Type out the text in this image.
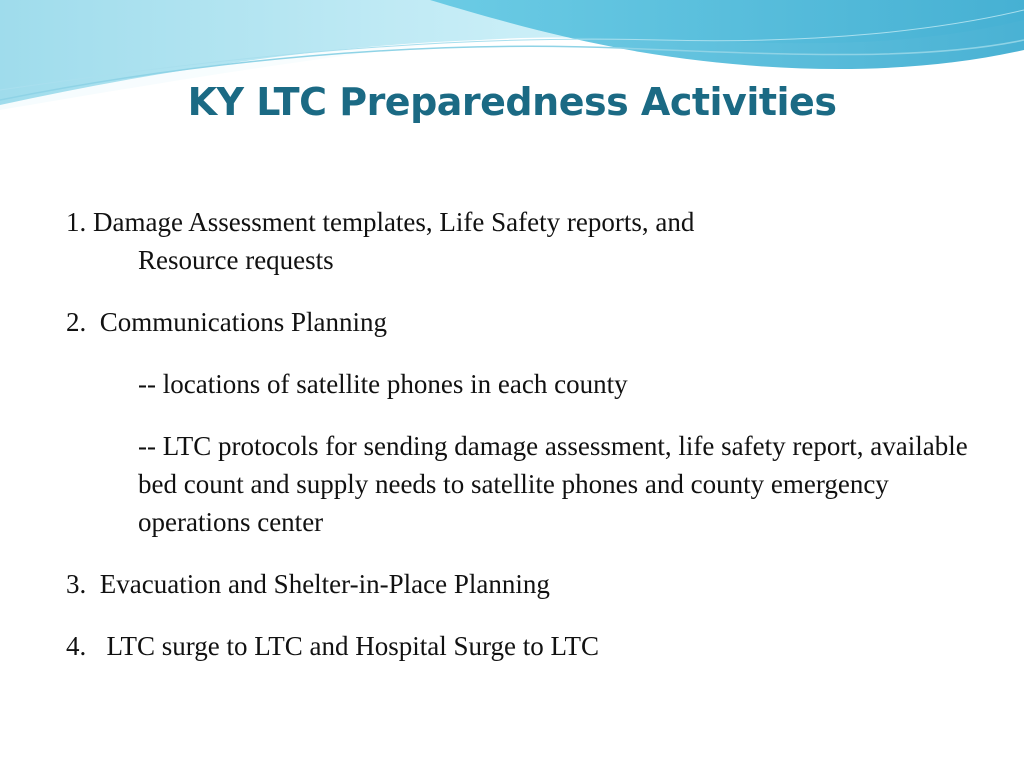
KY LTC Preparedness Activities
1. Damage Assessment templates, Life Safety reports, and
Resource requests
2. Communications Planning
-- locations of satellite phones in each county
-- LTC protocols for sending damage assessment, life safety report, available bed count and supply needs to satellite phones and county emergency operations center
3. Evacuation and Shelter-in-Place Planning
4. LTC surge to LTC and Hospital Surge to LTC
